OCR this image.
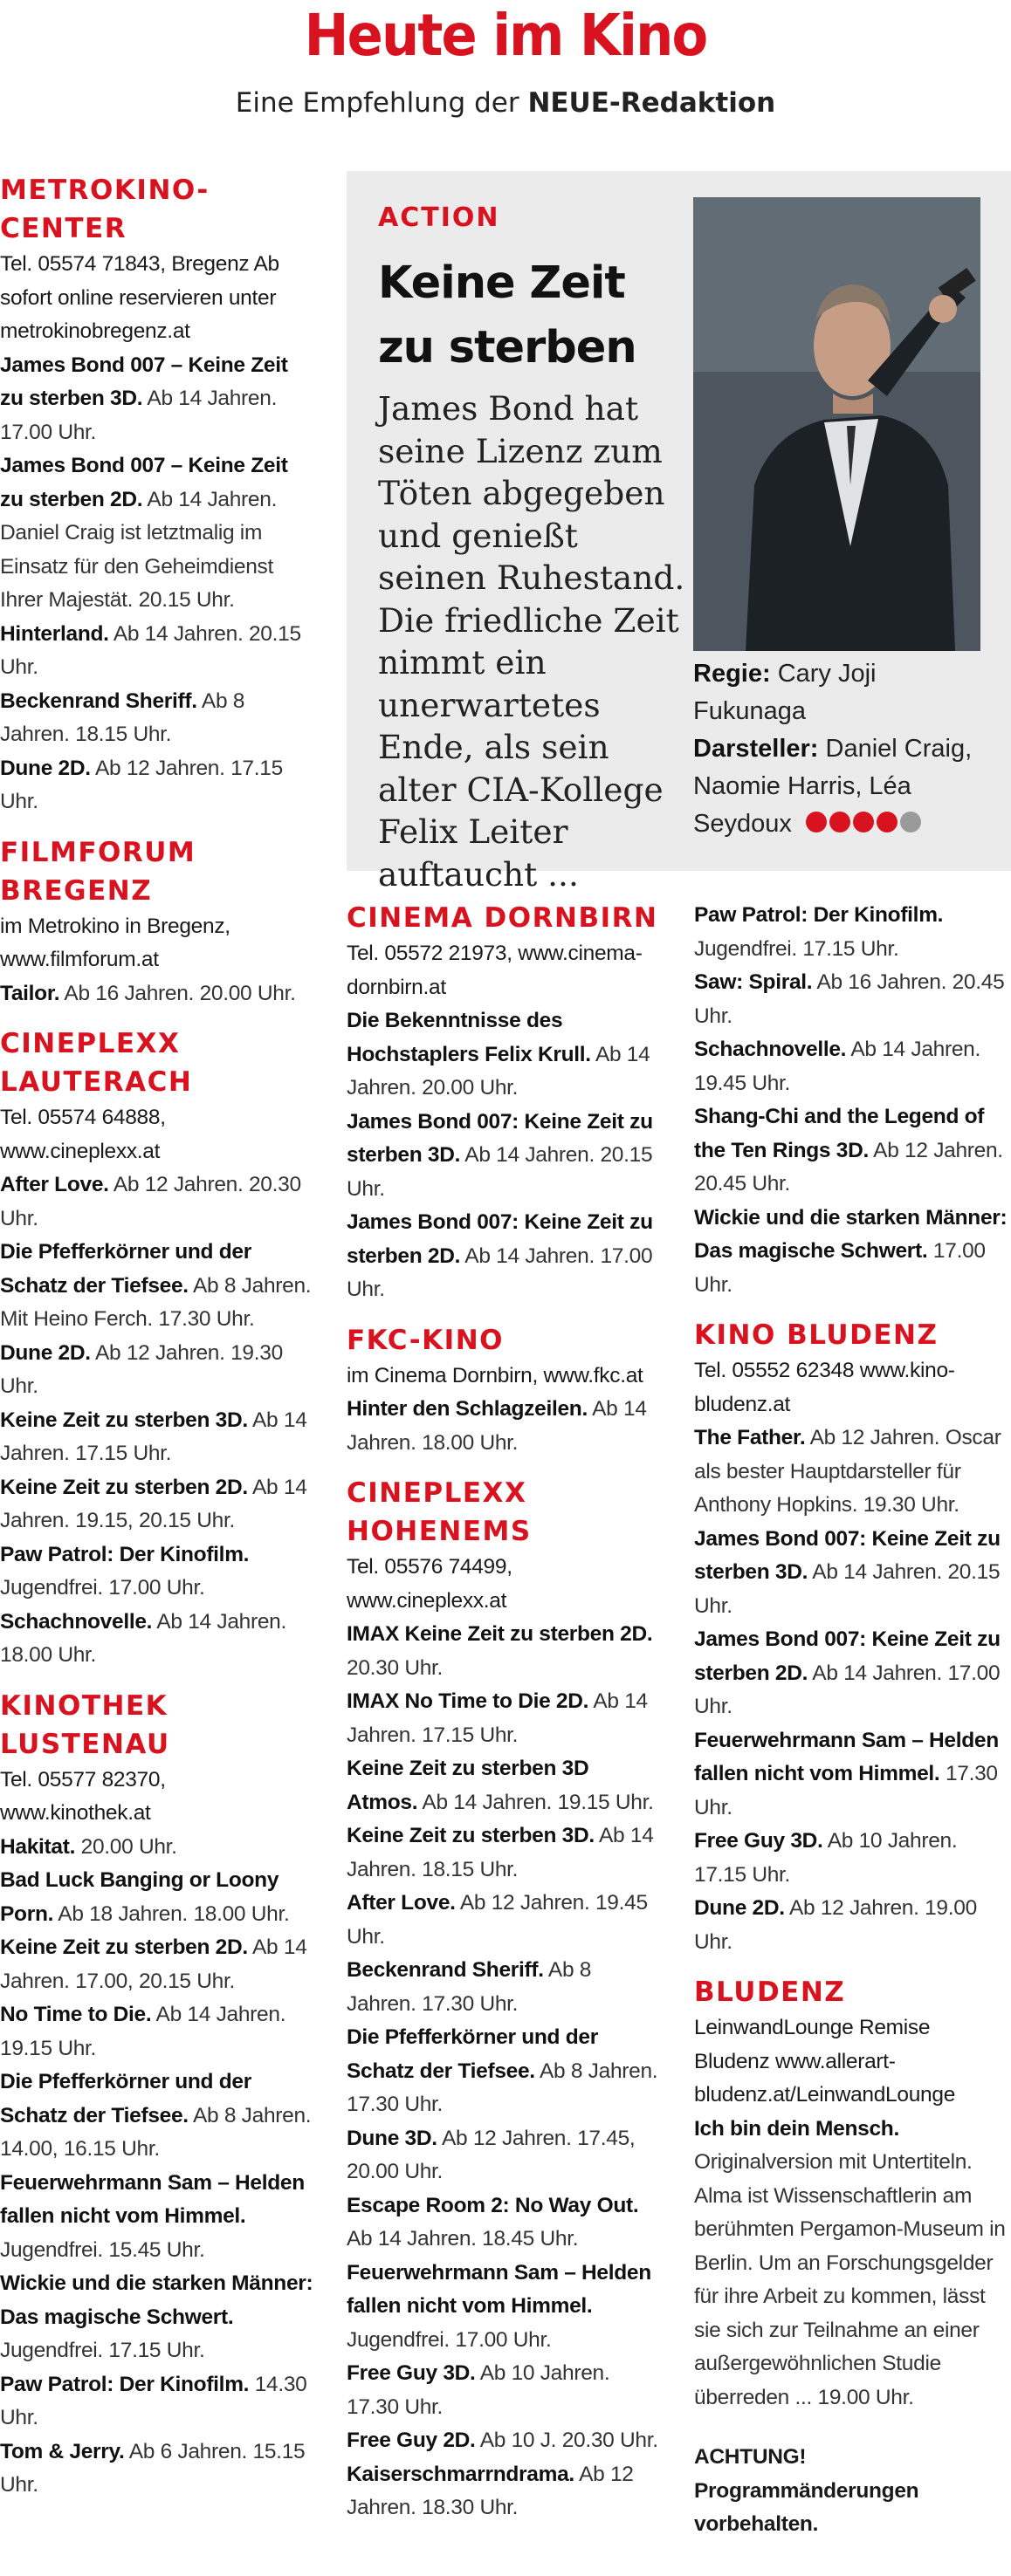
Heute im Kino
Eine Empfehlung der NEUE-Redaktion
METROKINO-CENTER
Tel. 05574 71843, Bregenz Ab sofort online reservieren unter metrokinobregenz.at
James Bond 007 – Keine Zeit zu sterben 3D. Ab 14 Jahren. 17.00 Uhr.
James Bond 007 – Keine Zeit zu sterben 2D. Ab 14 Jahren. Daniel Craig ist letztmalig im Einsatz für den Geheimdienst Ihrer Majestät. 20.15 Uhr.
Hinterland. Ab 14 Jahren. 20.15 Uhr.
Beckenrand Sheriff. Ab 8 Jahren. 18.15 Uhr.
Dune 2D. Ab 12 Jahren. 17.15 Uhr.
FILMFORUM BREGENZ
im Metrokino in Bregenz, www.filmforum.at
Tailor. Ab 16 Jahren. 20.00 Uhr.
CINEPLEXX LAUTERACH
Tel. 05574 64888, www.cineplexx.at
After Love. Ab 12 Jahren. 20.30 Uhr.
Die Pfefferkörner und der Schatz der Tiefsee. Ab 8 Jahren. Mit Heino Ferch. 17.30 Uhr.
Dune 2D. Ab 12 Jahren. 19.30 Uhr.
Keine Zeit zu sterben 3D. Ab 14 Jahren. 17.15 Uhr.
Keine Zeit zu sterben 2D. Ab 14 Jahren. 19.15, 20.15 Uhr.
Paw Patrol: Der Kinofilm. Jugendfrei. 17.00 Uhr.
Schachnovelle. Ab 14 Jahren. 18.00 Uhr.
KINOTHEK LUSTENAU
Tel. 05577 82370, www.kinothek.at
Hakitat. 20.00 Uhr.
Bad Luck Banging or Loony Porn. Ab 18 Jahren. 18.00 Uhr.
Keine Zeit zu sterben 2D. Ab 14 Jahren. 17.00, 20.15 Uhr.
No Time to Die. Ab 14 Jahren. 19.15 Uhr.
Die Pfefferkörner und der Schatz der Tiefsee. Ab 8 Jahren. 14.00, 16.15 Uhr.
Feuerwehrmann Sam – Helden fallen nicht vom Himmel. Jugendfrei. 15.45 Uhr.
Wickie und die starken Männer: Das magische Schwert. Jugendfrei. 17.15 Uhr.
Paw Patrol: Der Kinofilm. 14.30 Uhr.
Tom & Jerry. Ab 6 Jahren. 15.15 Uhr.
ACTION
Keine Zeit zu sterben
James Bond hat seine Lizenz zum Töten abgegeben und genießt seinen Ruhestand. Die friedliche Zeit nimmt ein unerwartetes Ende, als sein alter CIA-Kollege Felix Leiter auftaucht ...
Regie: Cary Joji Fukunaga
Darsteller: Daniel Craig, Naomie Harris, Léa Seydoux
CINEMA DORNBIRN
Tel. 05572 21973, www.cinema-dornbirn.at
Die Bekenntnisse des Hochstaplers Felix Krull. Ab 14 Jahren. 20.00 Uhr.
James Bond 007: Keine Zeit zu sterben 3D. Ab 14 Jahren. 20.15 Uhr.
James Bond 007: Keine Zeit zu sterben 2D. Ab 14 Jahren. 17.00 Uhr.
FKC-KINO
im Cinema Dornbirn, www.fkc.at
Hinter den Schlagzeilen. Ab 14 Jahren. 18.00 Uhr.
CINEPLEXX HOHENEMS
Tel. 05576 74499, www.cineplexx.at
IMAX Keine Zeit zu sterben 2D. 20.30 Uhr.
IMAX No Time to Die 2D. Ab 14 Jahren. 17.15 Uhr.
Keine Zeit zu sterben 3D Atmos. Ab 14 Jahren. 19.15 Uhr.
Keine Zeit zu sterben 3D. Ab 14 Jahren. 18.15 Uhr.
After Love. Ab 12 Jahren. 19.45 Uhr.
Beckenrand Sheriff. Ab 8 Jahren. 17.30 Uhr.
Die Pfefferkörner und der Schatz der Tiefsee. Ab 8 Jahren. 17.30 Uhr.
Dune 3D. Ab 12 Jahren. 17.45, 20.00 Uhr.
Escape Room 2: No Way Out. Ab 14 Jahren. 18.45 Uhr.
Feuerwehrmann Sam – Helden fallen nicht vom Himmel. Jugendfrei. 17.00 Uhr.
Free Guy 3D. Ab 10 Jahren. 17.30 Uhr.
Free Guy 2D. Ab 10 J. 20.30 Uhr.
Kaiserschmarrndrama. Ab 12 Jahren. 18.30 Uhr.
Paw Patrol: Der Kinofilm. Jugendfrei. 17.15 Uhr.
Saw: Spiral. Ab 16 Jahren. 20.45 Uhr.
Schachnovelle. Ab 14 Jahren. 19.45 Uhr.
Shang-Chi and the Legend of the Ten Rings 3D. Ab 12 Jahren. 20.45 Uhr.
Wickie und die starken Männer: Das magische Schwert. 17.00 Uhr.
KINO BLUDENZ
Tel. 05552 62348 www.kino-bludenz.at
The Father. Ab 12 Jahren. Oscar als bester Hauptdarsteller für Anthony Hopkins. 19.30 Uhr.
James Bond 007: Keine Zeit zu sterben 3D. Ab 14 Jahren. 20.15 Uhr.
James Bond 007: Keine Zeit zu sterben 2D. Ab 14 Jahren. 17.00 Uhr.
Feuerwehrmann Sam – Helden fallen nicht vom Himmel. 17.30 Uhr.
Free Guy 3D. Ab 10 Jahren. 17.15 Uhr.
Dune 2D. Ab 12 Jahren. 19.00 Uhr.
BLUDENZ
LeinwandLounge Remise Bludenz www.allerart-bludenz.at/LeinwandLounge
Ich bin dein Mensch. Originalversion mit Untertiteln. Alma ist Wissenschaftlerin am berühmten Pergamon-Museum in Berlin. Um an Forschungsgelder für ihre Arbeit zu kommen, lässt sie sich zur Teilnahme an einer außergewöhnlichen Studie überreden ... 19.00 Uhr.
ACHTUNG! Programmänderungen vorbehalten.
